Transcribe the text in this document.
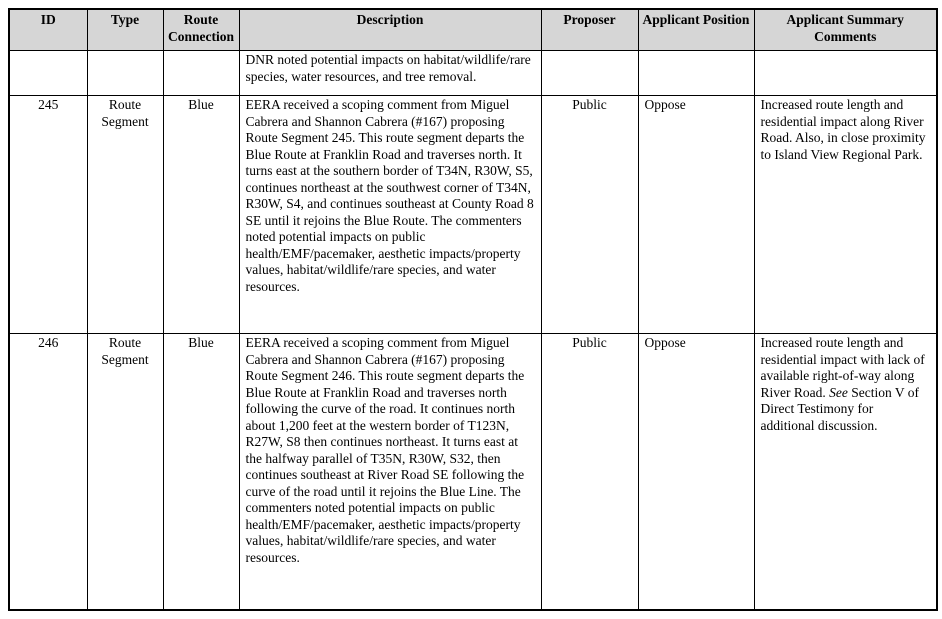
ID	Type	Route Connection	Description	Proposer	Applicant Position	Applicant Summary Comments
			DNR noted potential impacts on habitat/wildlife/rare species, water resources, and tree removal.			
245	Route Segment	Blue	EERA received a scoping comment from Miguel Cabrera and Shannon Cabrera (#167) proposing Route Segment 245. This route segment departs the Blue Route at Franklin Road and traverses north. It turns east at the southern border of T34N, R30W, S5, continues northeast at the southwest corner of T34N, R30W, S4, and continues southeast at County Road 8 SE until it rejoins the Blue Route. The commenters noted potential impacts on public health/EMF/pacemaker, aesthetic impacts/property values, habitat/wildlife/rare species, and water resources.	Public	Oppose	Increased route length and residential impact along River Road. Also, in close proximity to Island View Regional Park.
246	Route Segment	Blue	EERA received a scoping comment from Miguel Cabrera and Shannon Cabrera (#167) proposing Route Segment 246. This route segment departs the Blue Route at Franklin Road and traverses north following the curve of the road. It continues north about 1,200 feet at the western border of T123N, R27W, S8 then continues northeast. It turns east at the halfway parallel of T35N, R30W, S32, then continues southeast at River Road SE following the curve of the road until it rejoins the Blue Line. The commenters noted potential impacts on public health/EMF/pacemaker, aesthetic impacts/property values, habitat/wildlife/rare species, and water resources.	Public	Oppose	Increased route length and residential impact with lack of available right-of-way along River Road. See Section V of Direct Testimony for additional discussion.
